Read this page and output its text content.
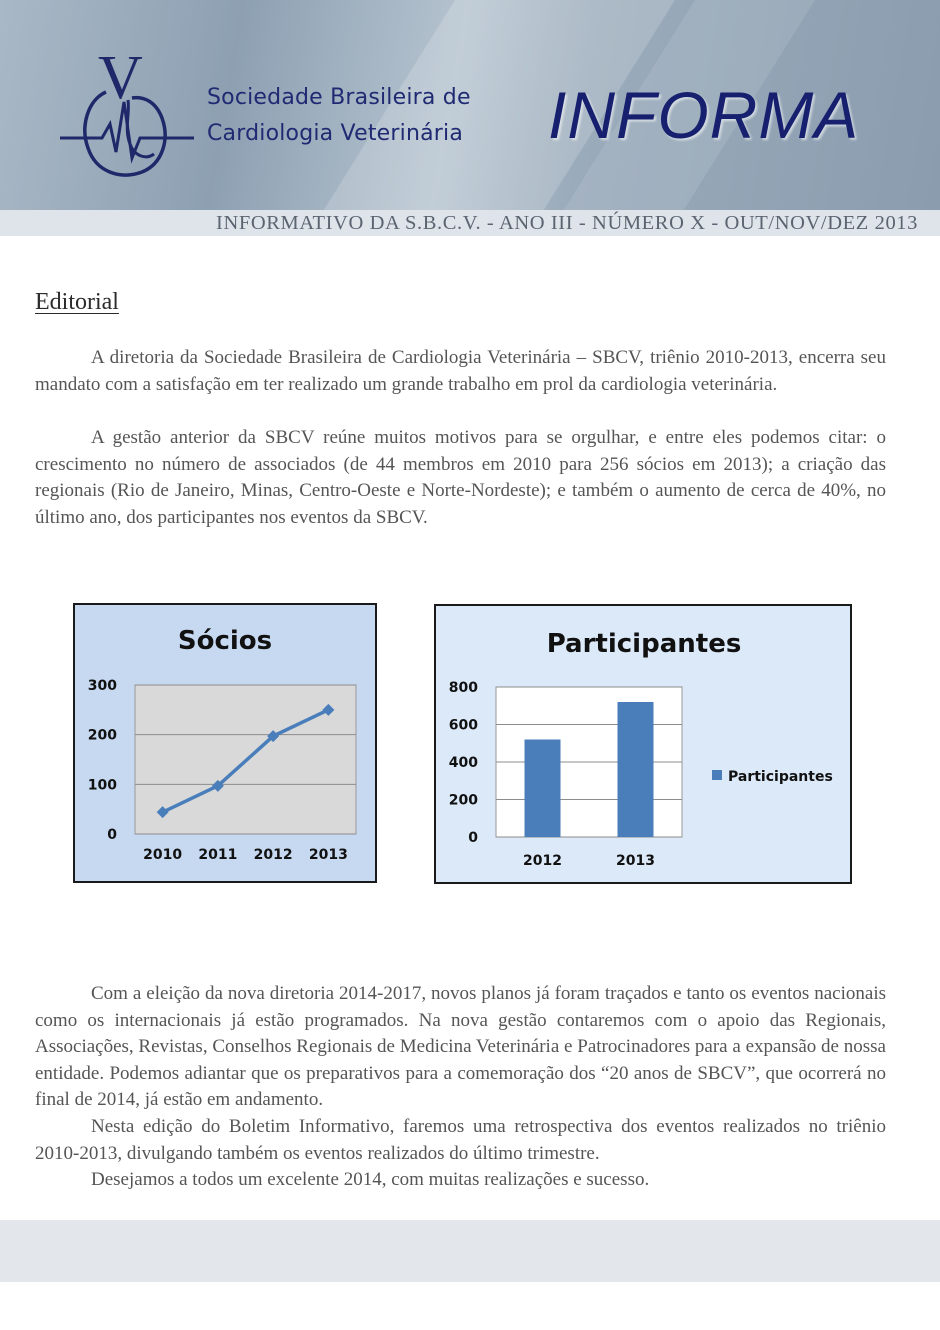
V	Sociedade Brasileira de
Cardiologia Veterinária	INFORMA
INFORMATIVO DA S.B.C.V. - ANO III - NÚMERO X - OUT/NOV/DEZ 2013
Editorial

A diretoria da Sociedade Brasileira de Cardiologia Veterinária – SBCV, triênio 2010-2013, encerra seu mandato com a satisfação em ter realizado um grande trabalho em prol da cardiologia veterinária.

A gestão anterior da SBCV reúne muitos motivos para se orgulhar, e entre eles podemos citar: o crescimento no número de associados (de 44 membros em 2010 para 256 sócios em 2013); a criação das regionais (Rio de Janeiro, Minas, Centro-Oeste e Norte-Nordeste); e também o aumento de cerca de 40%, no último ano, dos participantes nos eventos da SBCV.

Sócios
0
100
200
300
2010 2011 2012 2013
Participantes
0
200
400
600
800
2012	2013
Participantes

Com a eleição da nova diretoria 2014-2017, novos planos já foram traçados e tanto os eventos nacionais como os internacionais já estão programados. Na nova gestão contaremos com o apoio das Regionais, Associações, Revistas, Conselhos Regionais de Medicina Veterinária e Patrocinadores para a expansão de nossa entidade. Podemos adiantar que os preparativos para a comemoração dos “20 anos de SBCV”, que ocorrerá no final de 2014, já estão em andamento.

Nesta edição do Boletim Informativo, faremos uma retrospectiva dos eventos realizados no triênio 2010-2013, divulgando também os eventos realizados do último trimestre.

Desejamos a todos um excelente 2014, com muitas realizações e sucesso.
